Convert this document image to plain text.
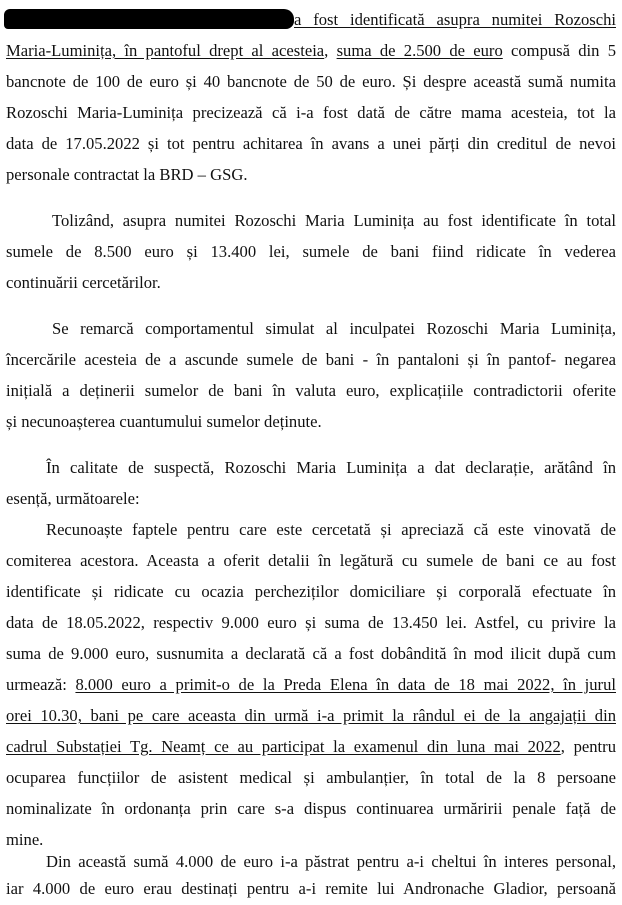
a fost identificată asupra numitei Rozoschi
Maria-Luminița, în pantoful drept al acesteia, suma de 2.500 de euro compusă din 5
bancnote de 100 de euro și 40 bancnote de 50 de euro. Și despre această sumă numita
Rozoschi Maria-Luminița precizează că i-a fost dată de către mama acesteia, tot la
data de 17.05.2022 și tot pentru achitarea în avans a unei părți din creditul de nevoi
personale contractat la BRD – GSG.
Tolizând, asupra numitei Rozoschi Maria Luminița au fost identificate în total
sumele de 8.500 euro și 13.400 lei, sumele de bani fiind ridicate în vederea
continuării cercetărilor.
Se remarcă comportamentul simulat al inculpatei Rozoschi Maria Luminița,
încercările acesteia de a ascunde sumele de bani - în pantaloni și în pantof- negarea
inițială a deținerii sumelor de bani în valuta euro, explicațiile contradictorii oferite
și necunoașterea cuantumului sumelor deținute.
În calitate de suspectă, Rozoschi Maria Luminița a dat declarație, arătând în
esență, următoarele:
Recunoaște faptele pentru care este cercetată și apreciază că este vinovată de
comiterea acestora. Aceasta a oferit detalii în legătură cu sumele de bani ce au fost
identificate și ridicate cu ocazia percheziților domiciliare și corporală efectuate în
data de 18.05.2022, respectiv 9.000 euro și suma de 13.450 lei. Astfel, cu privire la
suma de 9.000 euro, susnumita a declarată că a fost dobândită în mod ilicit după cum
urmează: 8.000 euro a primit-o de la Preda Elena în data de 18 mai 2022, în jurul
orei 10.30, bani pe care aceasta din urmă i-a primit la rândul ei de la angajații din
cadrul Substației Tg. Neamț ce au participat la examenul din luna mai 2022, pentru
ocuparea funcțiilor de asistent medical și ambulanțier, în total de la 8 persoane
nominalizate în ordonanța prin care s-a dispus continuarea urmăririi penale față de
mine.
Din această sumă 4.000 de euro i-a păstrat pentru a-i cheltui în interes personal,
iar 4.000 de euro erau destinați pentru a-i remite lui Andronache Gladior, persoană
